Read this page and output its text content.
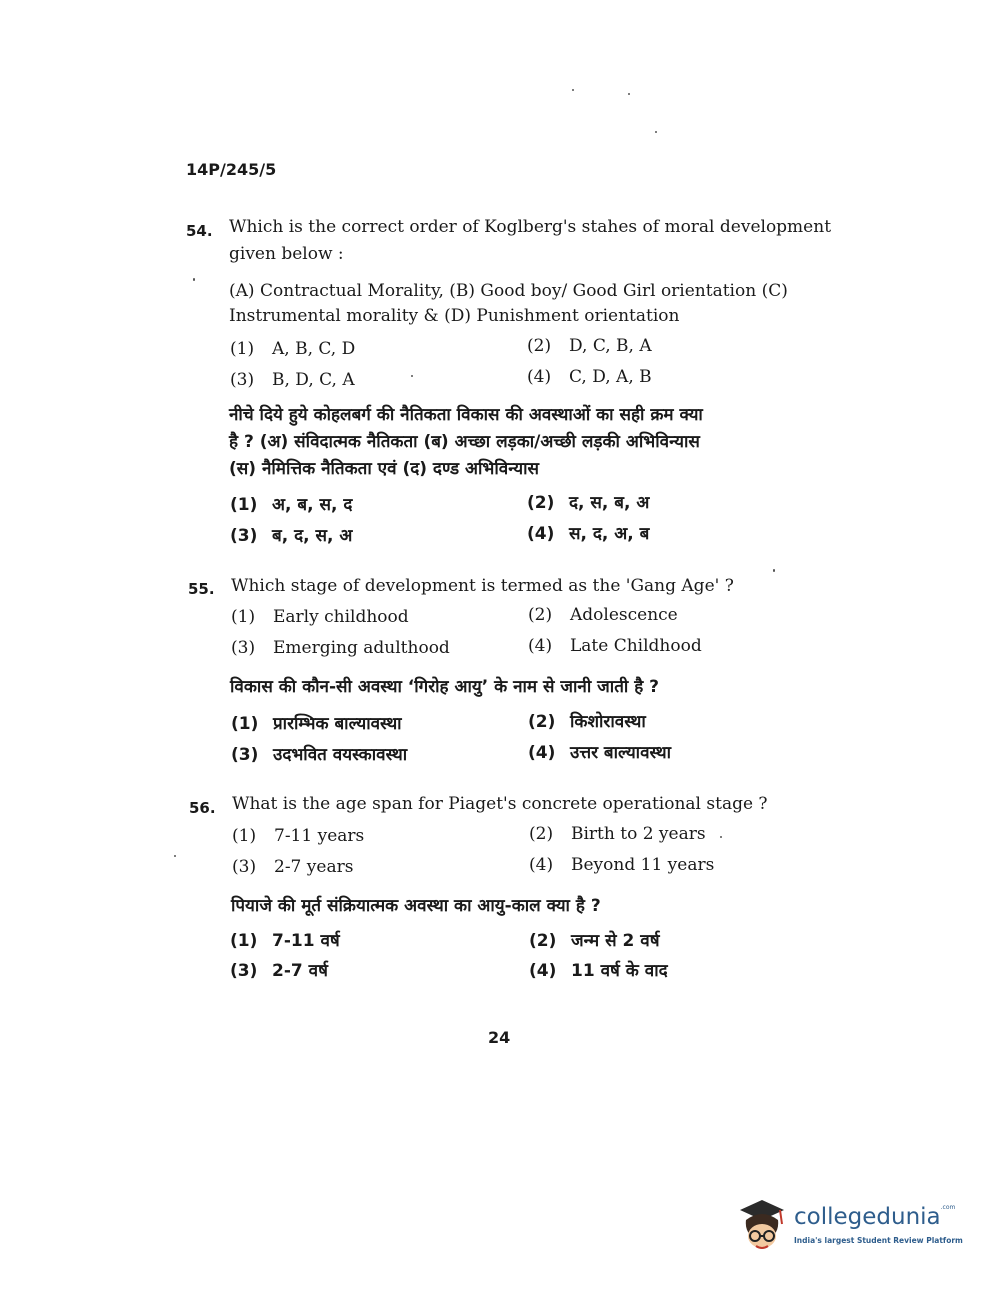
14P/245/5
54. Which is the correct order of Koglberg's stahes of moral development
given below :
(A) Contractual Morality, (B) Good boy/ Good Girl orientation (C)
Instrumental morality & (D) Punishment orientation
(1) A, B, C, D	(2) D, C, B, A
(3) B, D, C, A	(4) C, D, A, B
नीचे दिये हुये कोहलबर्ग की नैतिकता विकास की अवस्थाओं का सही क्रम क्या
है ? (अ) संविदात्मक नैतिकता (ब) अच्छा लड़का/अच्छी लड़की अभिविन्यास
(स) नैमित्तिक नैतिकता एवं (द) दण्ड अभिविन्यास
(1) अ, ब, स, द	(2) द, स, ब, अ
(3) ब, द, स, अ	(4) स, द, अ, ब
55. Which stage of development is termed as the 'Gang Age' ?
(1) Early childhood	(2) Adolescence
(3) Emerging adulthood	(4) Late Childhood
विकास की कौन-सी अवस्था ‘गिरोह आयु’ के नाम से जानी जाती है ?
(1) प्रारम्भिक बाल्यावस्था	(2) किशोरावस्था
(3) उदभवित वयस्कावस्था	(4) उत्तर बाल्यावस्था
56. What is the age span for Piaget's concrete operational stage ?
(1) 7-11 years	(2) Birth to 2 years
(3) 2-7 years	(4) Beyond 11 years
पियाजे की मूर्त संक्रियात्मक अवस्था का आयु-काल क्या है ?
(1) 7-11 वर्ष	(2) जन्म से 2 वर्ष
(3) 2-7 वर्ष	(4) 11 वर्ष के वाद
24
collegedunia$^{.com}$
India's largest Student Review Platform
